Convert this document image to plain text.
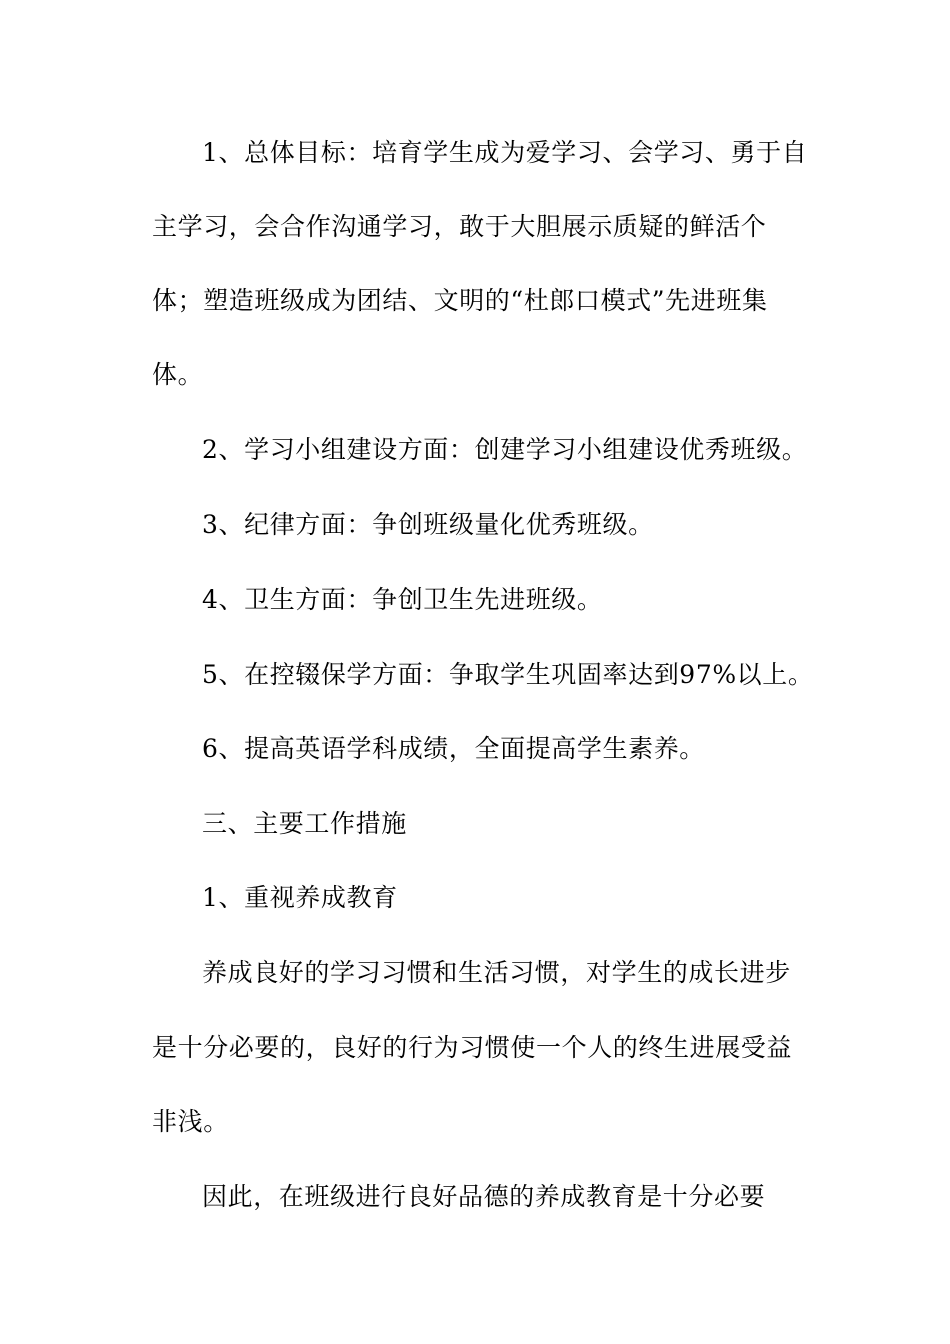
1、总体目标：培育学生成为爱学习、会学习、勇于自
主学习，会合作沟通学习，敢于大胆展示质疑的鲜活个
体；塑造班级成为团结、文明的“杜郎口模式”先进班集
体。
2、学习小组建设方面：创建学习小组建设优秀班级。
3、纪律方面：争创班级量化优秀班级。
4、卫生方面：争创卫生先进班级。
5、在控辍保学方面：争取学生巩固率达到97%以上。
6、提高英语学科成绩，全面提高学生素养。
三、主要工作措施
1、重视养成教育
养成良好的学习习惯和生活习惯，对学生的成长进步
是十分必要的，良好的行为习惯使一个人的终生进展受益
非浅。
因此，在班级进行良好品德的养成教育是十分必要
